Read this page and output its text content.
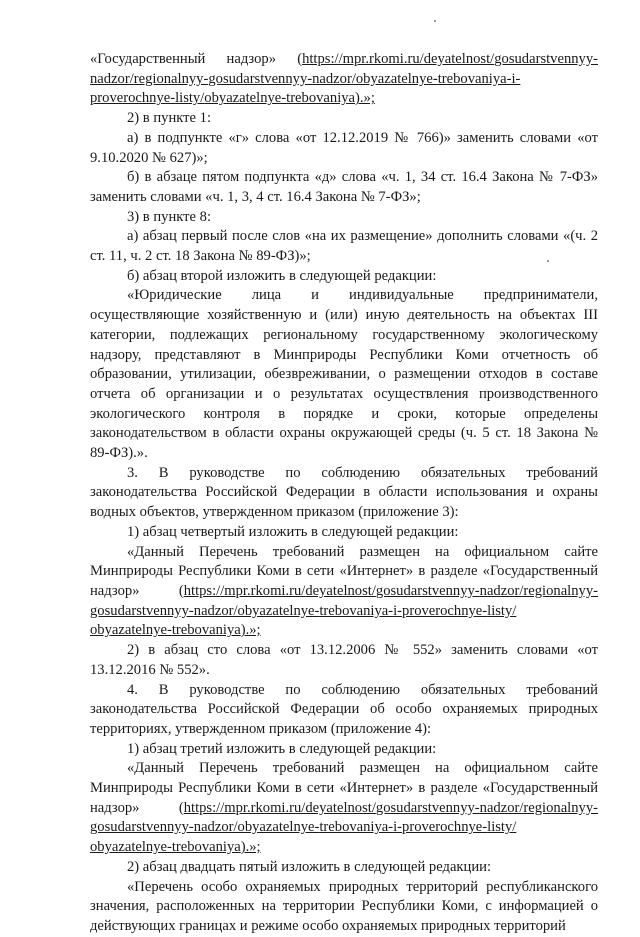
«Государственный надзор» (https://mpr.rkomi.ru/deyatelnost/gosudarstvennyy-nadzor/regionalnyy-gosudarstvennyy-nadzor/obyazatelnye-trebovaniya-i-proverochnye-listy/obyazatelnye-trebovaniya).»;

2) в пункте 1:

а) в подпункте «г» слова «от 12.12.2019 № 766)» заменить словами «от 9.10.2020 № 627)»;

б) в абзаце пятом подпункта «д» слова «ч. 1, 34 ст. 16.4 Закона № 7-ФЗ» заменить словами «ч. 1, 3, 4 ст. 16.4 Закона № 7-ФЗ»;

3) в пункте 8:

а) абзац первый после слов «на их размещение» дополнить словами «(ч. 2 ст. 11, ч. 2 ст. 18 Закона № 89-ФЗ)»;

б) абзац второй изложить в следующей редакции:

«Юридические лица и индивидуальные предприниматели, осуществляющие хозяйственную и (или) иную деятельность на объектах III категории, подлежащих региональному государственному экологическому надзору, представляют в Минприроды Республики Коми отчетность об образовании, утилизации, обезвреживании, о размещении отходов в составе отчета об организации и о результатах осуществления производственного экологического контроля в порядке и сроки, которые определены законодательством в области охраны окружающей среды (ч. 5 ст. 18 Закона № 89-ФЗ).».

3. В руководстве по соблюдению обязательных требований законодательства Российской Федерации в области использования и охраны водных объектов, утвержденном приказом (приложение 3):

1) абзац четвертый изложить в следующей редакции:

«Данный Перечень требований размещен на официальном сайте Минприроды Республики Коми в сети «Интернет» в разделе «Государственный надзор» (https://mpr.rkomi.ru/deyatelnost/gosudarstvennyy-nadzor/regionalnyy-gosudarstvennyy-nadzor/obyazatelnye-trebovaniya-i-proverochnye-listy/obyazatelnye-trebovaniya).»;

2) в абзац сто слова «от 13.12.2006 № 552» заменить словами «от 13.12.2016 № 552».

4. В руководстве по соблюдению обязательных требований законодательства Российской Федерации об особо охраняемых природных территориях, утвержденном приказом (приложение 4):

1) абзац третий изложить в следующей редакции:

«Данный Перечень требований размещен на официальном сайте Минприроды Республики Коми в сети «Интернет» в разделе «Государственный надзор» (https://mpr.rkomi.ru/deyatelnost/gosudarstvennyy-nadzor/regionalnyy-gosudarstvennyy-nadzor/obyazatelnye-trebovaniya-i-proverochnye-listy/obyazatelnye-trebovaniya).»;

2) абзац двадцать пятый изложить в следующей редакции:

«Перечень особо охраняемых природных территорий республиканского значения, расположенных на территории Республики Коми, с информацией о действующих границах и режиме особо охраняемых природных территорий
